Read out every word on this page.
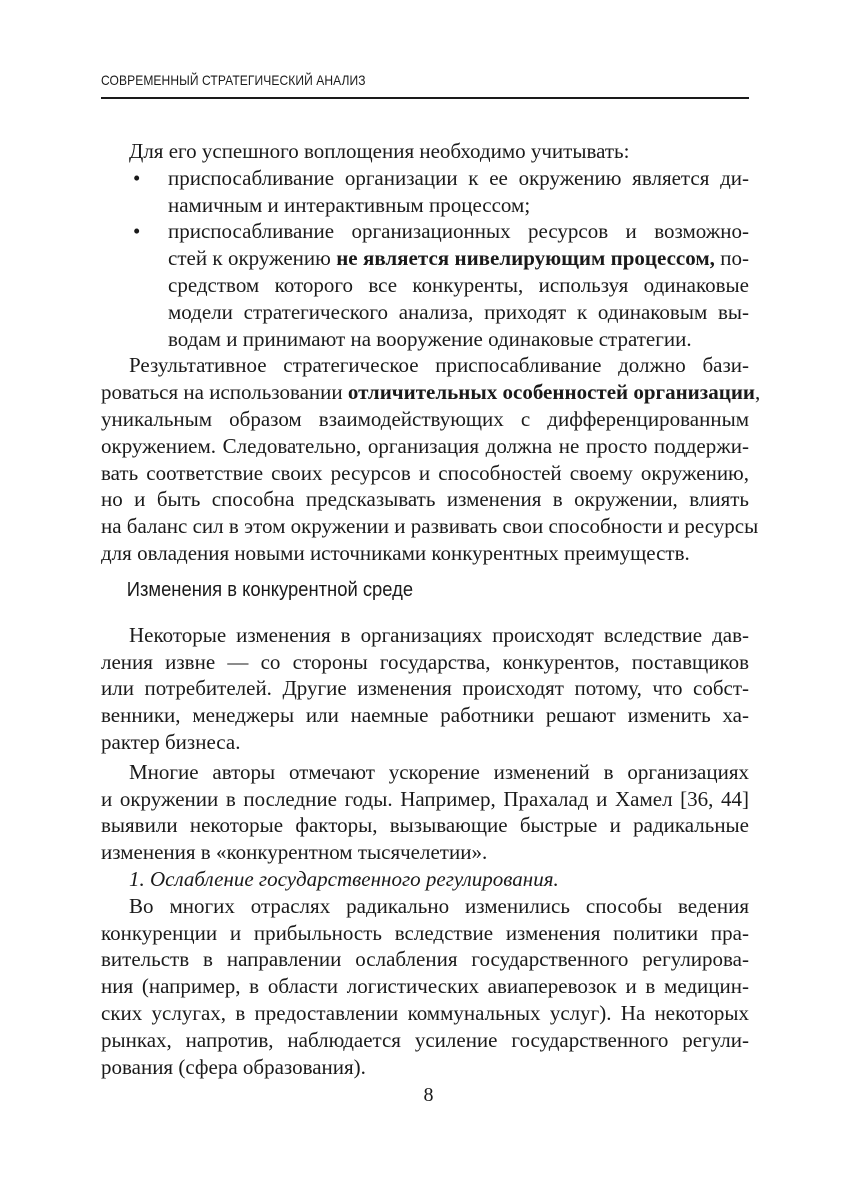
СОВРЕМЕННЫЙ СТРАТЕГИЧЕСКИЙ АНАЛИЗ
Для его успешного воплощения необходимо учитывать:
•	приспосабливание организации к ее окружению является ди-
намичным и интерактивным процессом;
•	приспосабливание организационных ресурсов и возможно-
стей к окружению не является нивелирующим процессом, по-
средством которого все конкуренты, используя одинаковые
модели стратегического анализа, приходят к одинаковым вы-
водам и принимают на вооружение одинаковые стратегии.
Результативное стратегическое приспосабливание должно бази-
роваться на использовании отличительных особенностей организации,
уникальным образом взаимодействующих с дифференцированным
окружением. Следовательно, организация должна не просто поддержи-
вать соответствие своих ресурсов и способностей своему окружению,
но и быть способна предсказывать изменения в окружении, влиять
на баланс сил в этом окружении и развивать свои способности и ресурсы
для овладения новыми источниками конкурентных преимуществ.
Изменения в конкурентной среде
Некоторые изменения в организациях происходят вследствие дав-
ления извне — со стороны государства, конкурентов, поставщиков
или потребителей. Другие изменения происходят потому, что собст-
венники, менеджеры или наемные работники решают изменить ха-
рактер бизнеса.
Многие авторы отмечают ускорение изменений в организациях
и окружении в последние годы. Например, Прахалад и Хамел [36, 44]
выявили некоторые факторы, вызывающие быстрые и радикальные
изменения в «конкурентном тысячелетии».
1. Ослабление государственного регулирования.
Во многих отраслях радикально изменились способы ведения
конкуренции и прибыльность вследствие изменения политики пра-
вительств в направлении ослабления государственного регулирова-
ния (например, в области логистических авиаперевозок и в медицин-
ских услугах, в предоставлении коммунальных услуг). На некоторых
рынках, напротив, наблюдается усиление государственного регули-
рования (сфера образования).
8
